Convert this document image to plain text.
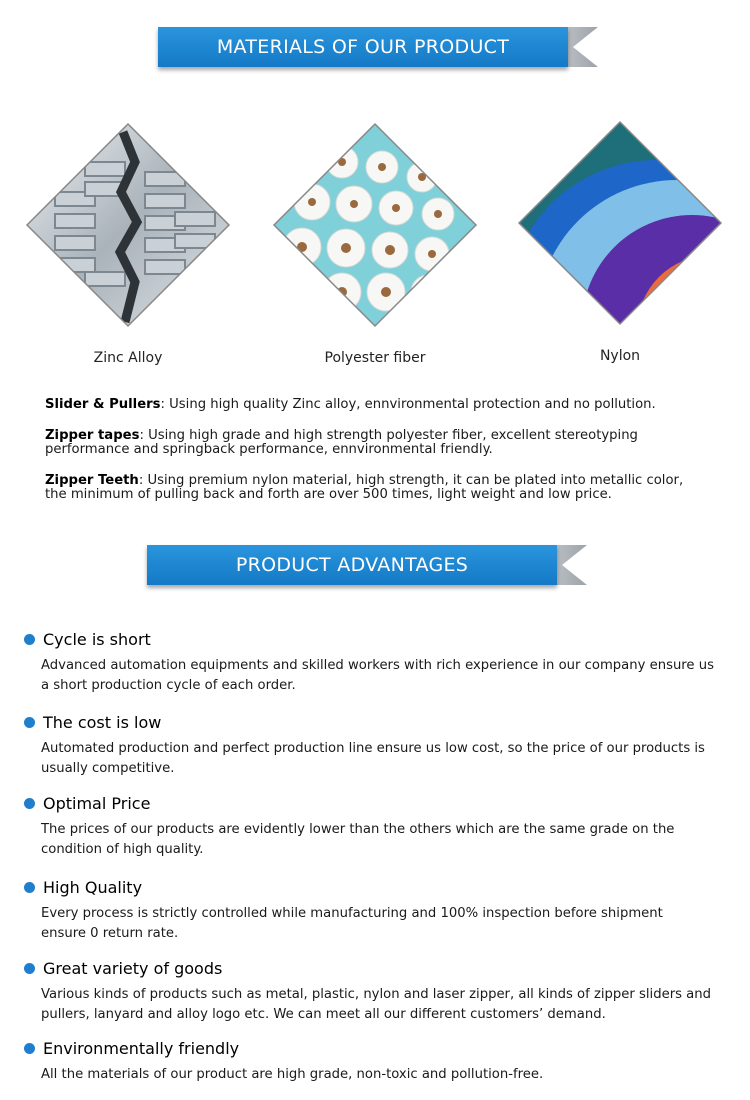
MATERIALS OF OUR PRODUCT
Zinc Alloy	Polyester fiber	Nylon

Slider & Pullers: Using high quality Zinc alloy, ennvironmental protection and no pollution.

Zipper tapes: Using high grade and high strength polyester fiber, excellent stereotyping performance and springback performance, ennvironmental friendly.

Zipper Teeth: Using premium nylon material, high strength, it can be plated into metallic color, the minimum of pulling back and forth are over 500 times, light weight and low price.

PRODUCT ADVANTAGES
Cycle is short

Advanced automation equipments and skilled workers with rich experience in our company ensure us a short production cycle of each order.

The cost is low

Automated production and perfect production line ensure us low cost, so the price of our products is usually competitive.

Optimal Price

The prices of our products are evidently lower than the others which are the same grade on the condition of high quality.

High Quality

Every process is strictly controlled while manufacturing and 100% inspection before shipment ensure 0 return rate.

Great variety of goods

Various kinds of products such as metal, plastic, nylon and laser zipper, all kinds of zipper sliders and pullers, lanyard and alloy logo etc. We can meet all our different customers’ demand.

Environmentally friendly

All the materials of our product are high grade, non-toxic and pollution-free.
